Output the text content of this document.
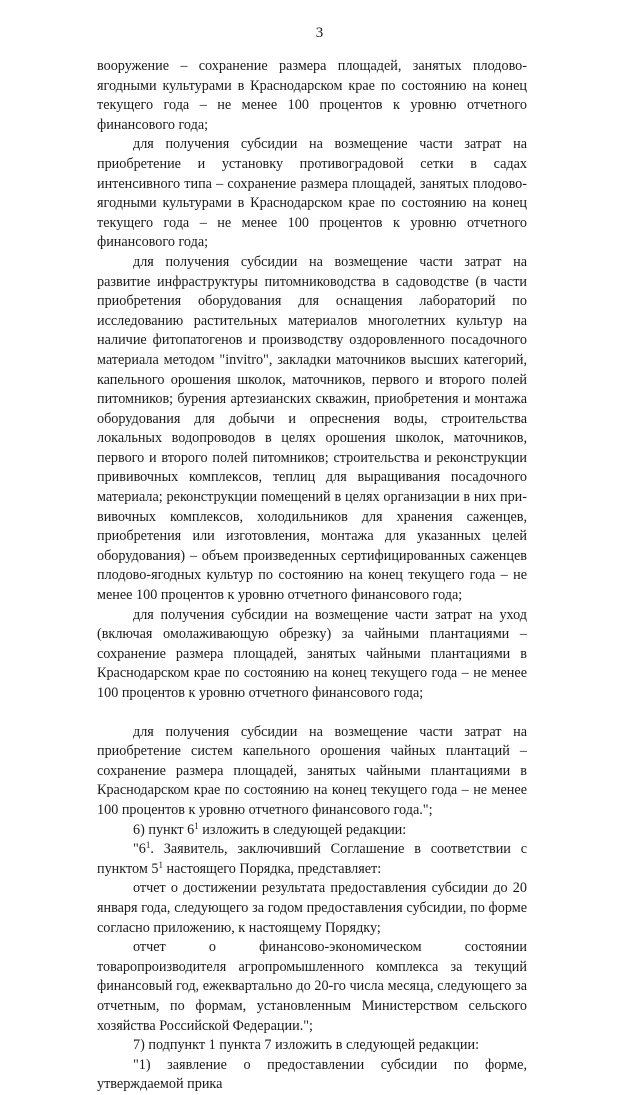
3

вооружение – сохранение размера площадей, занятых плодово-ягодными культурами в Краснодарском крае по состоянию на конец текущего года – не менее 100 процентов к уровню отчетного финансового года;

для получения субсидии на возмещение части затрат на приобретение и установку противоградовой сетки в садах интенсивного типа – сохранение размера площадей, занятых плодово-ягодными культурами в Краснодарском крае по состоянию на конец текущего года – не менее 100 процентов к уровню отчетного финансового года;

для получения субсидии на возмещение части затрат на развитие инфраструктуры питомниководства в садоводстве (в части приобретения оборудования для оснащения лабораторий по исследованию растительных материалов многолетних культур на наличие фитопатогенов и производству оздоровленного посадочного материала методом "invitro", закладки маточников высших категорий, капельного орошения школок, маточников, первого и второго полей питомников; бурения артезианских скважин, приобретения и монтажа оборудования для добычи и опреснения воды, строительства локальных водопроводов в целях орошения школок, маточников, первого и второго полей питомников; строительства и реконструкции прививочных комплексов, теплиц для выращивания посадочного материала; реконструкции помещений в целях организации в них прививочных комплексов, холодильников для хранения саженцев, приобретения или изготовления, монтажа для указанных целей оборудования) – объем произведенных сертифицированных саженцев плодово-ягодных культур по состоянию на конец текущего года – не менее 100 процентов к уровню отчетного финансового года;

для получения субсидии на возмещение части затрат на уход (включая омолаживающую обрезку) за чайными плантациями – сохранение размера площадей, занятых чайными плантациями в Краснодарском крае по состоянию на конец текущего года – не менее 100 процентов к уровню отчетного финансового года;

для получения субсидии на возмещение части затрат на приобретение систем капельного орошения чайных плантаций – сохранение размера площадей, занятых чайными плантациями в Краснодарском крае по состоянию на конец текущего года – не менее 100 процентов к уровню отчетного финансового года.";

6) пункт $6^1$ изложить в следующей редакции:

"$6^1$. Заявитель, заключивший Соглашение в соответствии с пунктом $5^1$ настоящего Порядка, представляет:

отчет о достижении результата предоставления субсидии до 20 января года, следующего за годом предоставления субсидии, по форме согласно приложению, к настоящему Порядку;

отчет о финансово-экономическом состоянии товаропроизводителя агропромышленного комплекса за текущий финансовый год, ежеквартально до 20-го числа месяца, следующего за отчетным, по формам, установленным Министерством сельского хозяйства Российской Федерации.";

7) подпункт 1 пункта 7 изложить в следующей редакции:

"1) заявление о предоставлении субсидии по форме, утверждаемой прика
